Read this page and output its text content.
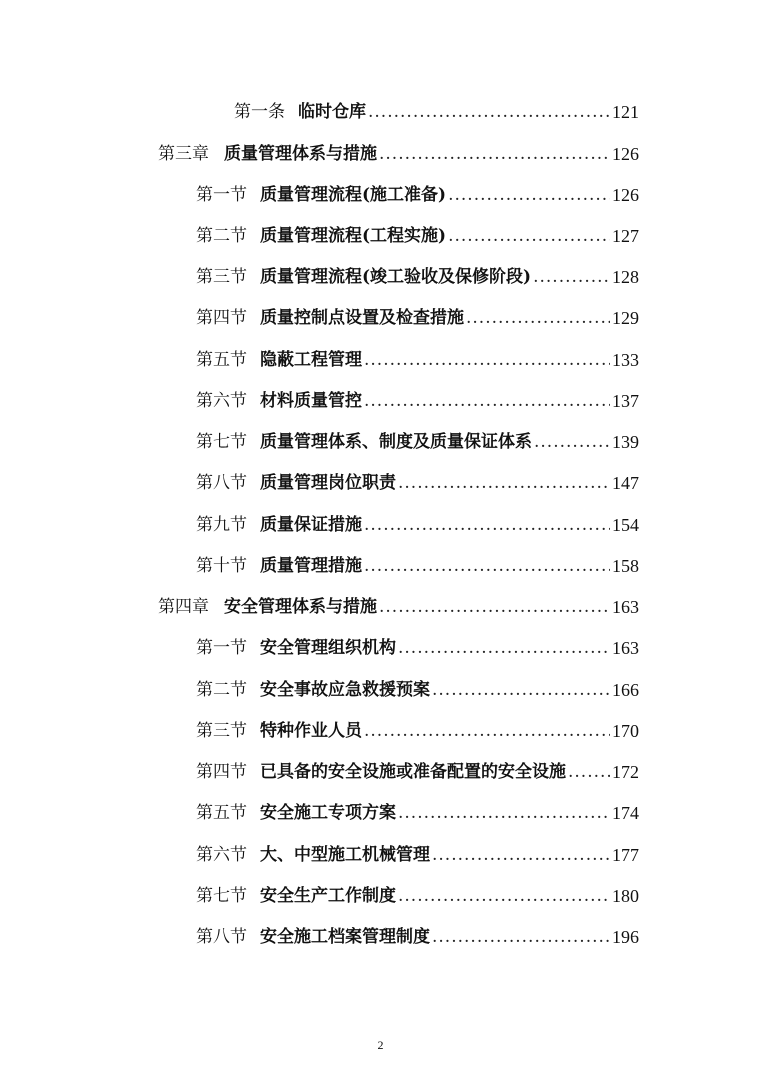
第一条 临时仓库 .....	121
第三章 质量管理体系与措施 .....	126
第一节 质量管理流程(施工准备) .....	126
第二节 质量管理流程(工程实施) .....	127
第三节 质量管理流程(竣工验收及保修阶段) .....	128
第四节 质量控制点设置及检查措施 .....	129
第五节 隐蔽工程管理 .....	133
第六节 材料质量管控 .....	137
第七节 质量管理体系、制度及质量保证体系 .....	139
第八节 质量管理岗位职责 .....	147
第九节 质量保证措施 .....	154
第十节 质量管理措施 .....	158
第四章 安全管理体系与措施 .....	163
第一节 安全管理组织机构 .....	163
第二节 安全事故应急救援预案 .....	166
第三节 特种作业人员 .....	170
第四节 已具备的安全设施或准备配置的安全设施 .....	172
第五节 安全施工专项方案 .....	174
第六节 大、中型施工机械管理 .....	177
第七节 安全生产工作制度 .....	180
第八节 安全施工档案管理制度 .....	196
2
